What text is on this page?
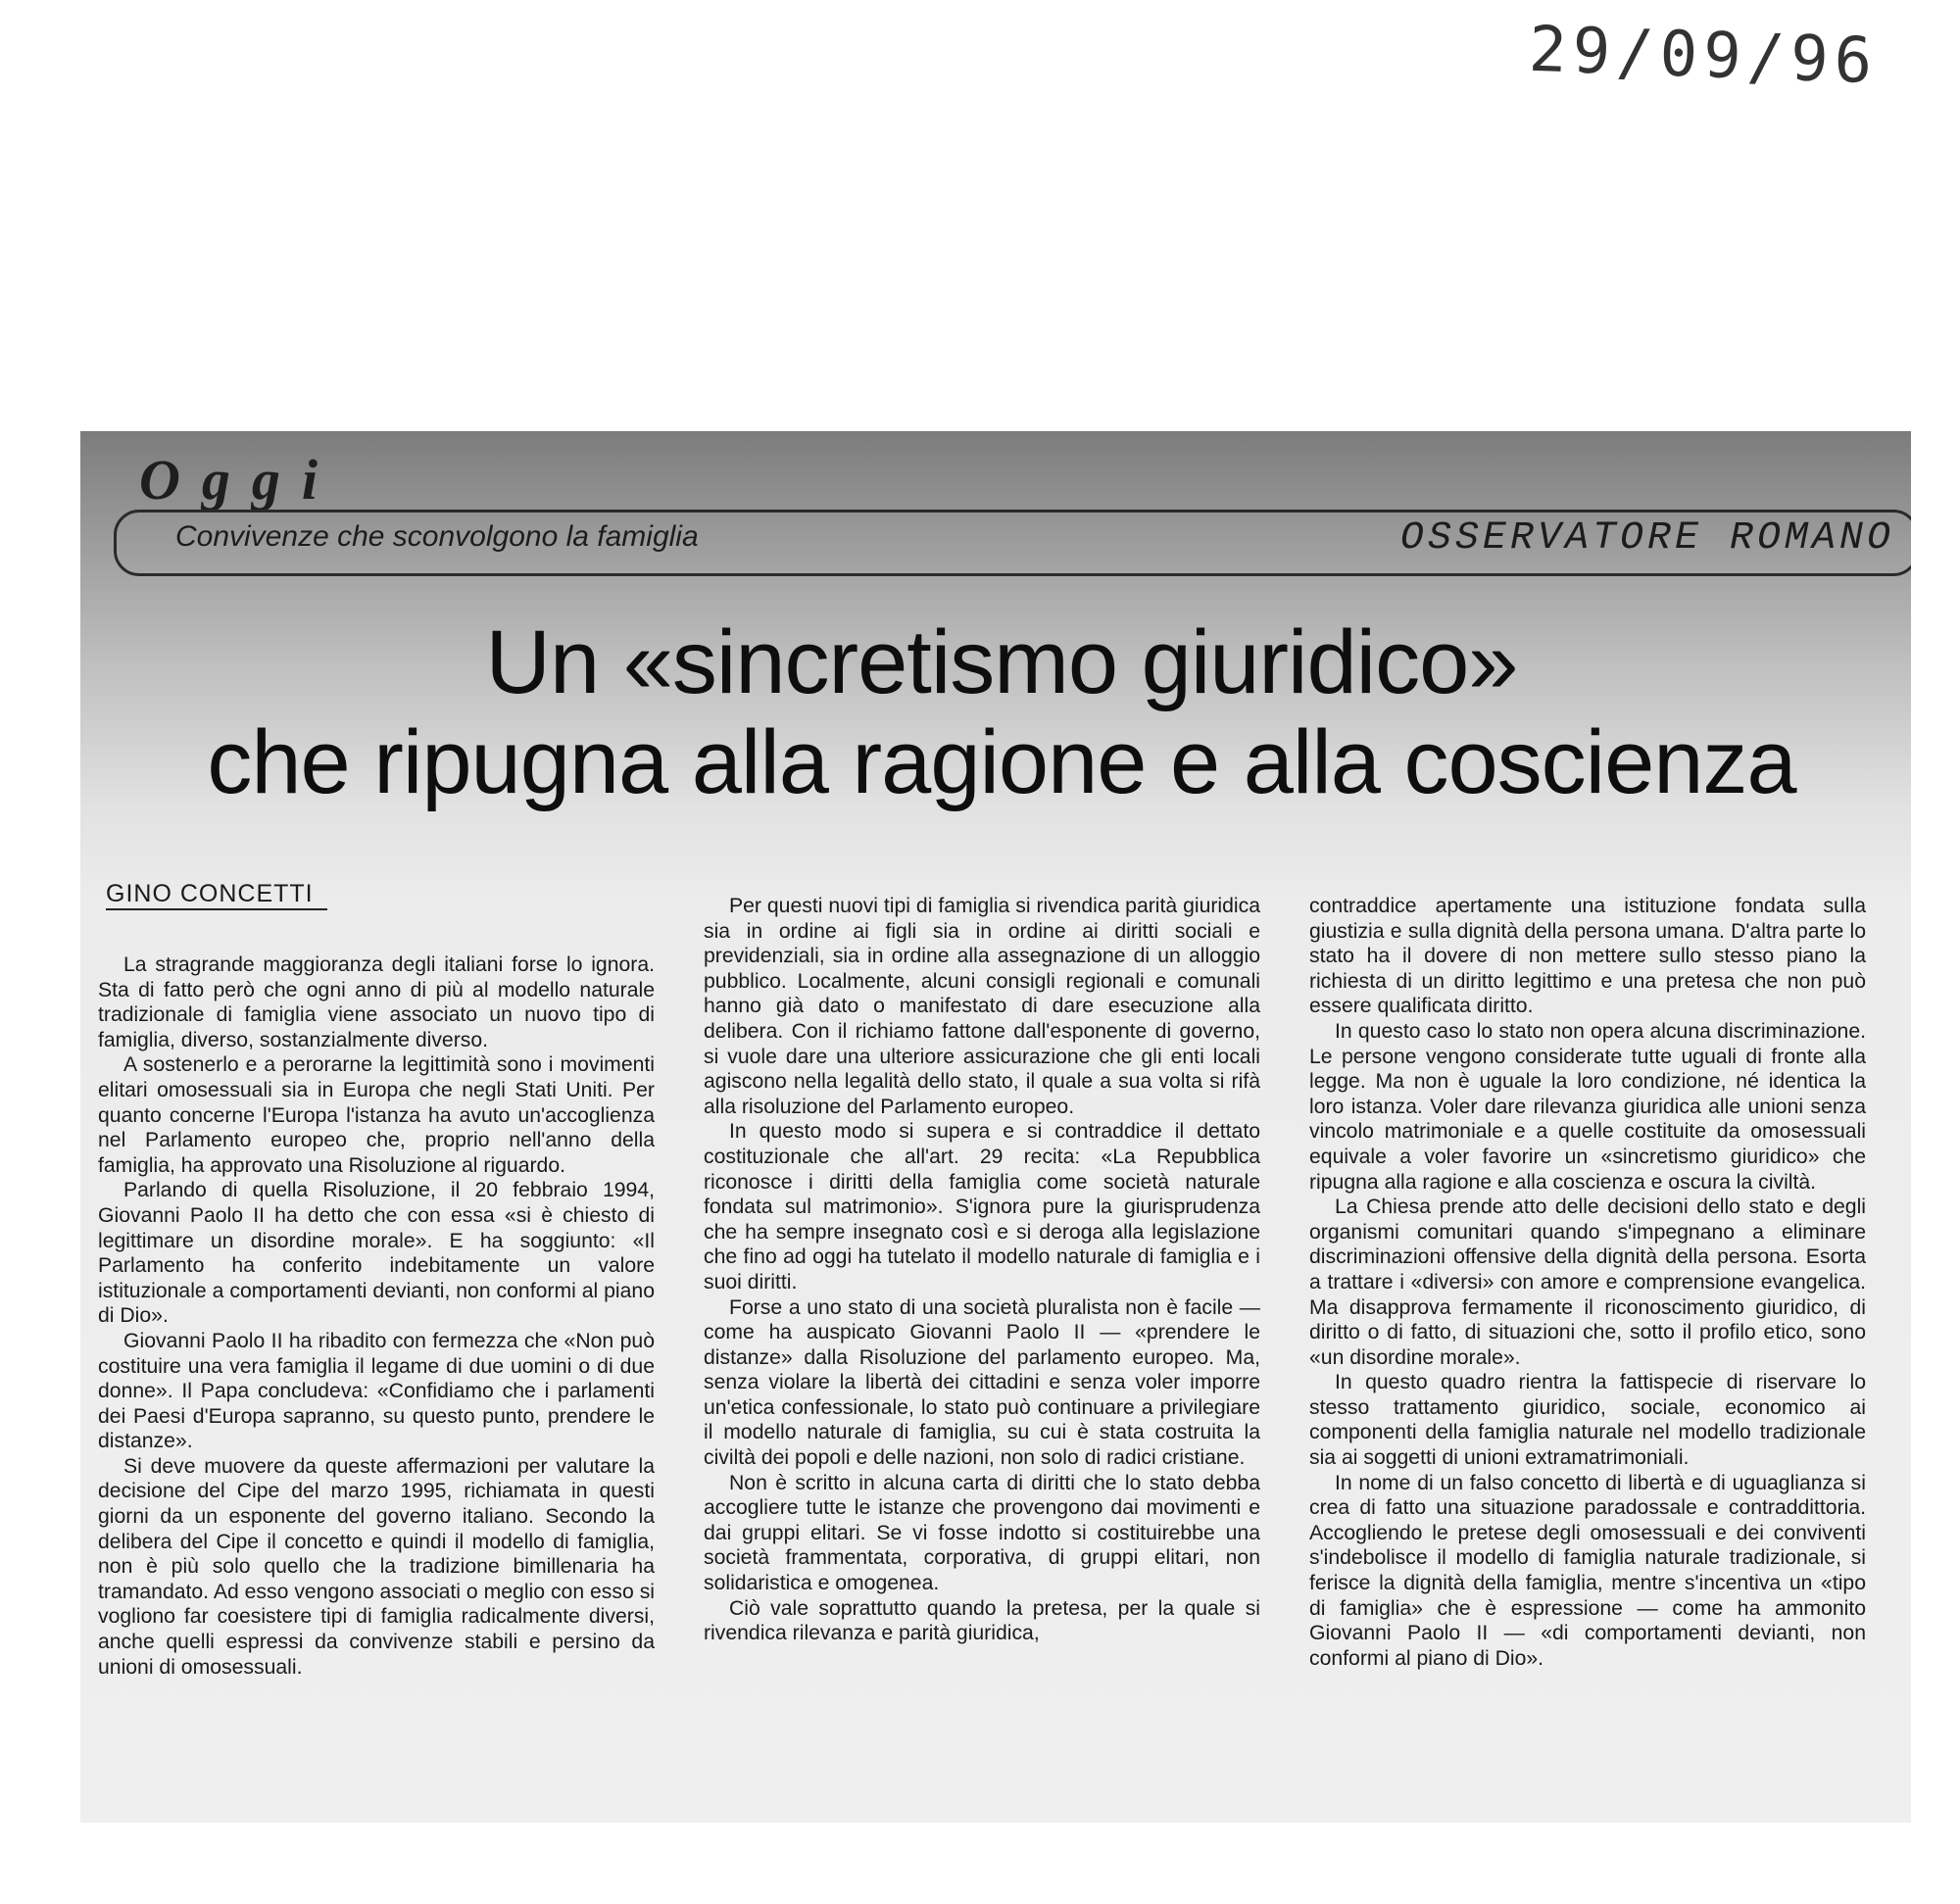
29/09/96
Oggi
Convivenze che sconvolgono la famiglia	OSSERVATORE ROMANO
Un «sincretismo giuridico»
che ripugna alla ragione e alla coscienza
GINO CONCETTI

La stragrande maggioranza degli italiani forse lo ignora. Sta di fatto però che ogni anno di più al modello naturale tradizionale di famiglia viene associato un nuovo tipo di famiglia, diverso, sostanzialmente diverso.

A sostenerlo e a perorarne la legittimità sono i movimenti elitari omosessuali sia in Europa che negli Stati Uniti. Per quanto concerne l'Europa l'istanza ha avuto un'accoglienza nel Parlamento europeo che, proprio nell'anno della famiglia, ha approvato una Risoluzione al riguardo.

Parlando di quella Risoluzione, il 20 febbraio 1994, Giovanni Paolo II ha detto che con essa «si è chiesto di legittimare un disordine morale». E ha soggiunto: «Il Parlamento ha conferito indebitamente un valore istituzionale a comportamenti devianti, non conformi al piano di Dio».

Giovanni Paolo II ha ribadito con fermezza che «Non può costituire una vera famiglia il legame di due uomini o di due donne». Il Papa concludeva: «Confidiamo che i parlamenti dei Paesi d'Europa sapranno, su questo punto, prendere le distanze».

Si deve muovere da queste affermazioni per valutare la decisione del Cipe del marzo 1995, richiamata in questi giorni da un esponente del governo italiano. Secondo la delibera del Cipe il concetto e quindi il modello di famiglia, non è più solo quello che la tradizione bimillenaria ha tramandato. Ad esso vengono associati o meglio con esso si vogliono far coesistere tipi di famiglia radicalmente diversi, anche quelli espressi da convivenze stabili e persino da unioni di omosessuali.

Per questi nuovi tipi di famiglia si rivendica parità giuridica sia in ordine ai figli sia in ordine ai diritti sociali e previdenziali, sia in ordine alla assegnazione di un alloggio pubblico. Localmente, alcuni consigli regionali e comunali hanno già dato o manifestato di dare esecuzione alla delibera. Con il richiamo fattone dall'esponente di governo, si vuole dare una ulteriore assicurazione che gli enti locali agiscono nella legalità dello stato, il quale a sua volta si rifà alla risoluzione del Parlamento europeo.

In questo modo si supera e si contraddice il dettato costituzionale che all'art. 29 recita: «La Repubblica riconosce i diritti della famiglia come società naturale fondata sul matrimonio». S'ignora pure la giurisprudenza che ha sempre insegnato così e si deroga alla legislazione che fino ad oggi ha tutelato il modello naturale di famiglia e i suoi diritti.

Forse a uno stato di una società pluralista non è facile — come ha auspicato Giovanni Paolo II — «prendere le distanze» dalla Risoluzione del parlamento europeo. Ma, senza violare la libertà dei cittadini e senza voler imporre un'etica confessionale, lo stato può continuare a privilegiare il modello naturale di famiglia, su cui è stata costruita la civiltà dei popoli e delle nazioni, non solo di radici cristiane.

Non è scritto in alcuna carta di diritti che lo stato debba accogliere tutte le istanze che provengono dai movimenti e dai gruppi elitari. Se vi fosse indotto si costituirebbe una società frammentata, corporativa, di gruppi elitari, non solidaristica e omogenea.

Ciò vale soprattutto quando la pretesa, per la quale si rivendica rilevanza e parità giuridica,

contraddice apertamente una istituzione fondata sulla giustizia e sulla dignità della persona umana. D'altra parte lo stato ha il dovere di non mettere sullo stesso piano la richiesta di un diritto legittimo e una pretesa che non può essere qualificata diritto.

In questo caso lo stato non opera alcuna discriminazione. Le persone vengono considerate tutte uguali di fronte alla legge. Ma non è uguale la loro condizione, né identica la loro istanza. Voler dare rilevanza giuridica alle unioni senza vincolo matrimoniale e a quelle costituite da omosessuali equivale a voler favorire un «sincretismo giuridico» che ripugna alla ragione e alla coscienza e oscura la civiltà.

La Chiesa prende atto delle decisioni dello stato e degli organismi comunitari quando s'impegnano a eliminare discriminazioni offensive della dignità della persona. Esorta a trattare i «diversi» con amore e comprensione evangelica. Ma disapprova fermamente il riconoscimento giuridico, di diritto o di fatto, di situazioni che, sotto il profilo etico, sono «un disordine morale».

In questo quadro rientra la fattispecie di riservare lo stesso trattamento giuridico, sociale, economico ai componenti della famiglia naturale nel modello tradizionale sia ai soggetti di unioni extramatrimoniali.

In nome di un falso concetto di libertà e di uguaglianza si crea di fatto una situazione paradossale e contraddittoria. Accogliendo le pretese degli omosessuali e dei conviventi s'indebolisce il modello di famiglia naturale tradizionale, si ferisce la dignità della famiglia, mentre s'incentiva un «tipo di famiglia» che è espressione — come ha ammonito Giovanni Paolo II — «di comportamenti devianti, non conformi al piano di Dio».
